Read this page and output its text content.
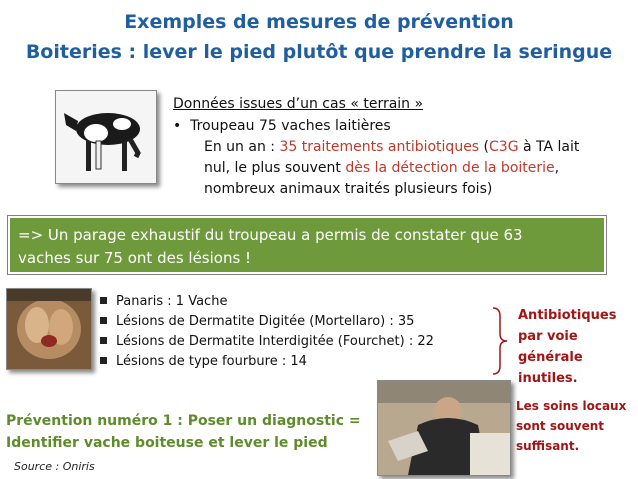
Exemples de mesures de prévention
Boiteries : lever le pied plutôt que prendre la seringue
Données issues d’un cas « terrain »
•  Troupeau 75 vaches laitières
En un an : 35 traitements antibiotiques (C3G à TA lait
nul, le plus souvent dès la détection de la boiterie,
nombreux animaux traités plusieurs fois)
=> Un parage exhaustif du troupeau a permis de constater que 63
vaches sur 75 ont des lésions !
Panaris : 1 Vache
Lésions de Dermatite Digitée (Mortellaro) : 35
Lésions de Dermatite Interdigitée (Fourchet) : 22
Lésions de type fourbure : 14
Antibiotiques
par voie
générale
inutiles.
Les soins locaux
sont souvent
suffisant.
Prévention numéro 1 : Poser un diagnostic =
Identifier vache boiteuse et lever le pied
Source : Oniris
